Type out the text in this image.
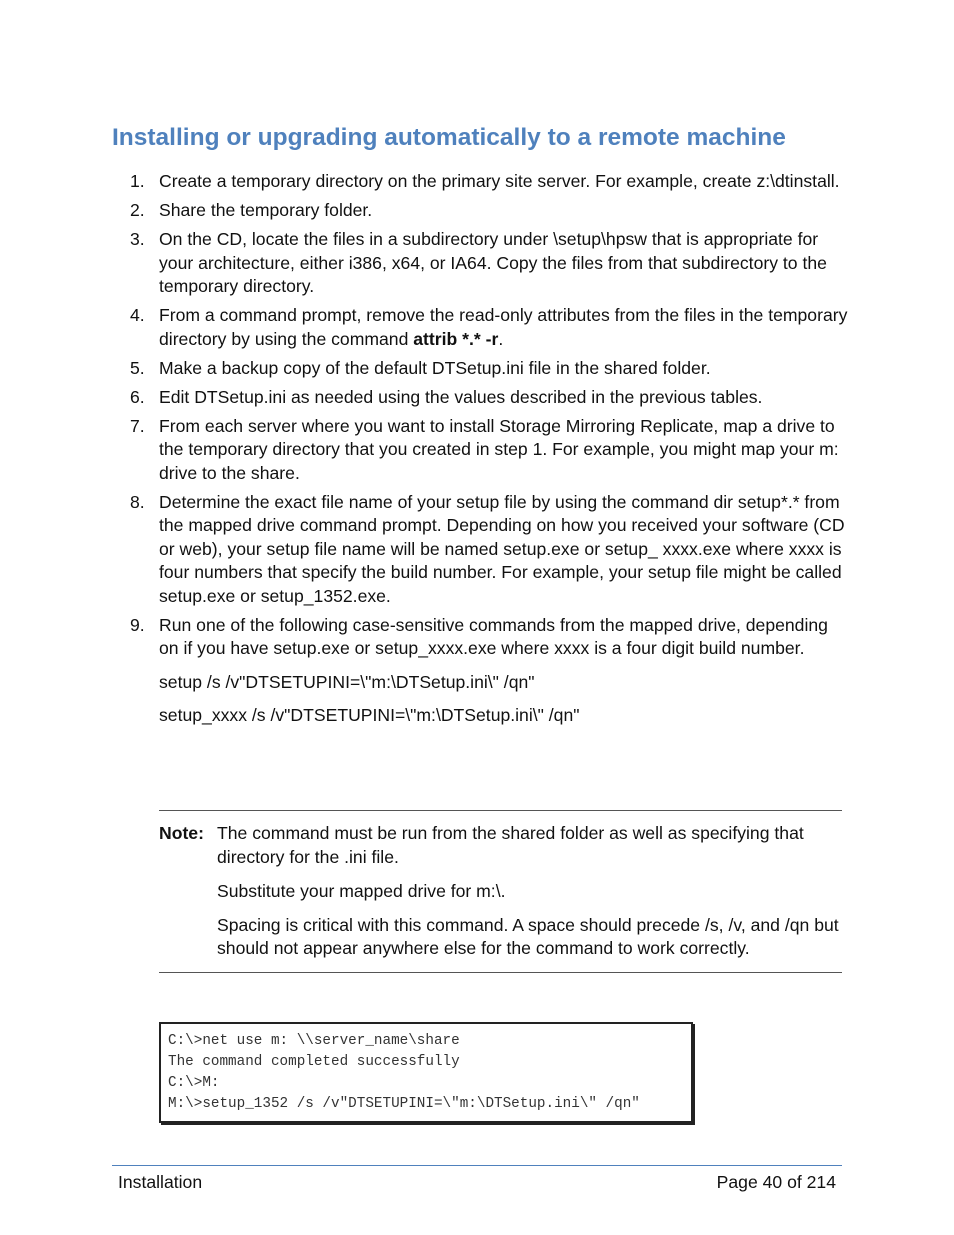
Installing or upgrading automatically to a remote machine
1. Create a temporary directory on the primary site server. For example, create z:\dtinstall.
2. Share the temporary folder.
3. On the CD, locate the files in a subdirectory under \setup\hpsw that is appropriate for your architecture, either i386, x64, or IA64. Copy the files from that subdirectory to the temporary directory.
4. From a command prompt, remove the read-only attributes from the files in the temporary directory by using the command attrib *.* -r.
5. Make a backup copy of the default DTSetup.ini file in the shared folder.
6. Edit DTSetup.ini as needed using the values described in the previous tables.
7. From each server where you want to install Storage Mirroring Replicate, map a drive to the temporary directory that you created in step 1. For example, you might map your m: drive to the share.
8. Determine the exact file name of your setup file by using the command dir setup*.* from the mapped drive command prompt. Depending on how you received your software (CD or web), your setup file name will be named setup.exe or setup_ xxxx.exe where xxxx is four numbers that specify the build number. For example, your setup file might be called setup.exe or setup_1352.exe.
9. Run one of the following case-sensitive commands from the mapped drive, depending on if you have setup.exe or setup_xxxx.exe where xxxx is a four digit build number.
setup /s /v"DTSETUPINI=\"m:\DTSetup.ini\" /qn"
setup_xxxx /s /v"DTSETUPINI=\"m:\DTSetup.ini\" /qn"
Note: The command must be run from the shared folder as well as specifying that directory for the .ini file.

Substitute your mapped drive for m:\.

Spacing is critical with this command. A space should precede /s, /v, and /qn but should not appear anywhere else for the command to work correctly.

C:\>net use m: \\server_name\share
The command completed successfully
C:\>M:
M:\>setup_1352 /s /v"DTSETUPINI=\"m:\DTSetup.ini\" /qn"
Installation	Page 40 of 214
